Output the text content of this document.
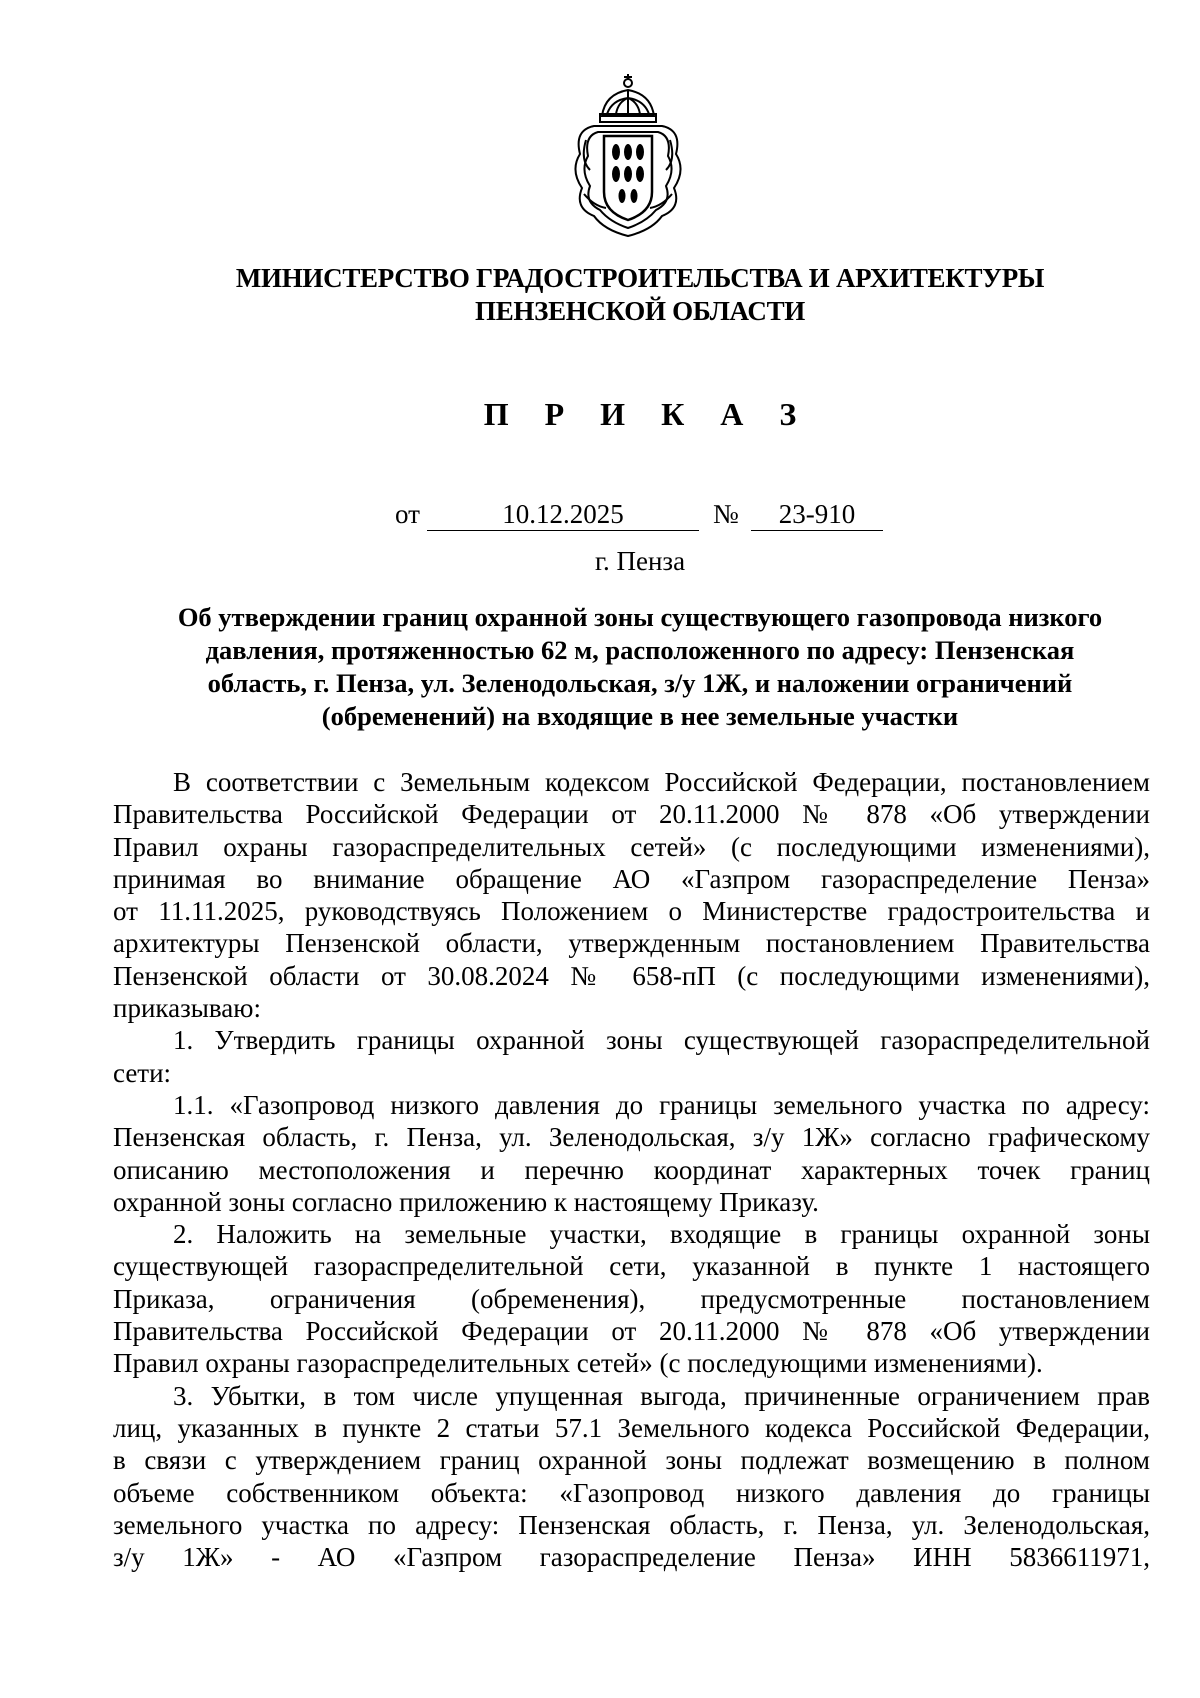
МИНИСТЕРСТВО ГРАДОСТРОИТЕЛЬСТВА И АРХИТЕКТУРЫ
ПЕНЗЕНСКОЙ ОБЛАСТИ
П Р И К А З
от	10.12.2025	№	23-910
г. Пенза
Об утверждении границ охранной зоны существующего газопровода низкого
давления, протяженностью 62 м, расположенного по адресу: Пензенская
область, г. Пенза, ул. Зеленодольская, з/у 1Ж, и наложении ограничений
(обременений) на входящие в нее земельные участки
В соответствии с Земельным кодексом Российской Федерации, постановлением
Правительства Российской Федерации от 20.11.2000 № 878 «Об утверждении
Правил охраны газораспределительных сетей» (с последующими изменениями),
принимая во внимание обращение АО «Газпром газораспределение Пенза»
от 11.11.2025, руководствуясь Положением о Министерстве градостроительства и
архитектуры Пензенской области, утвержденным постановлением Правительства
Пензенской области от 30.08.2024 № 658-пП (с последующими изменениями),
приказываю:
1. Утвердить границы охранной зоны существующей газораспределительной
сети:
1.1. «Газопровод низкого давления до границы земельного участка по адресу:
Пензенская область, г. Пенза, ул. Зеленодольская, з/у 1Ж» согласно графическому
описанию местоположения и перечню координат характерных точек границ
охранной зоны согласно приложению к настоящему Приказу.
2. Наложить на земельные участки, входящие в границы охранной зоны
существующей газораспределительной сети, указанной в пункте 1 настоящего
Приказа, ограничения (обременения), предусмотренные постановлением
Правительства Российской Федерации от 20.11.2000 № 878 «Об утверждении
Правил охраны газораспределительных сетей» (с последующими изменениями).
3. Убытки, в том числе упущенная выгода, причиненные ограничением прав
лиц, указанных в пункте 2 статьи 57.1 Земельного кодекса Российской Федерации,
в связи с утверждением границ охранной зоны подлежат возмещению в полном
объеме собственником объекта: «Газопровод низкого давления до границы
земельного участка по адресу: Пензенская область, г. Пенза, ул. Зеленодольская,
з/у 1Ж» - АО «Газпром газораспределение Пенза» ИНН 5836611971,
